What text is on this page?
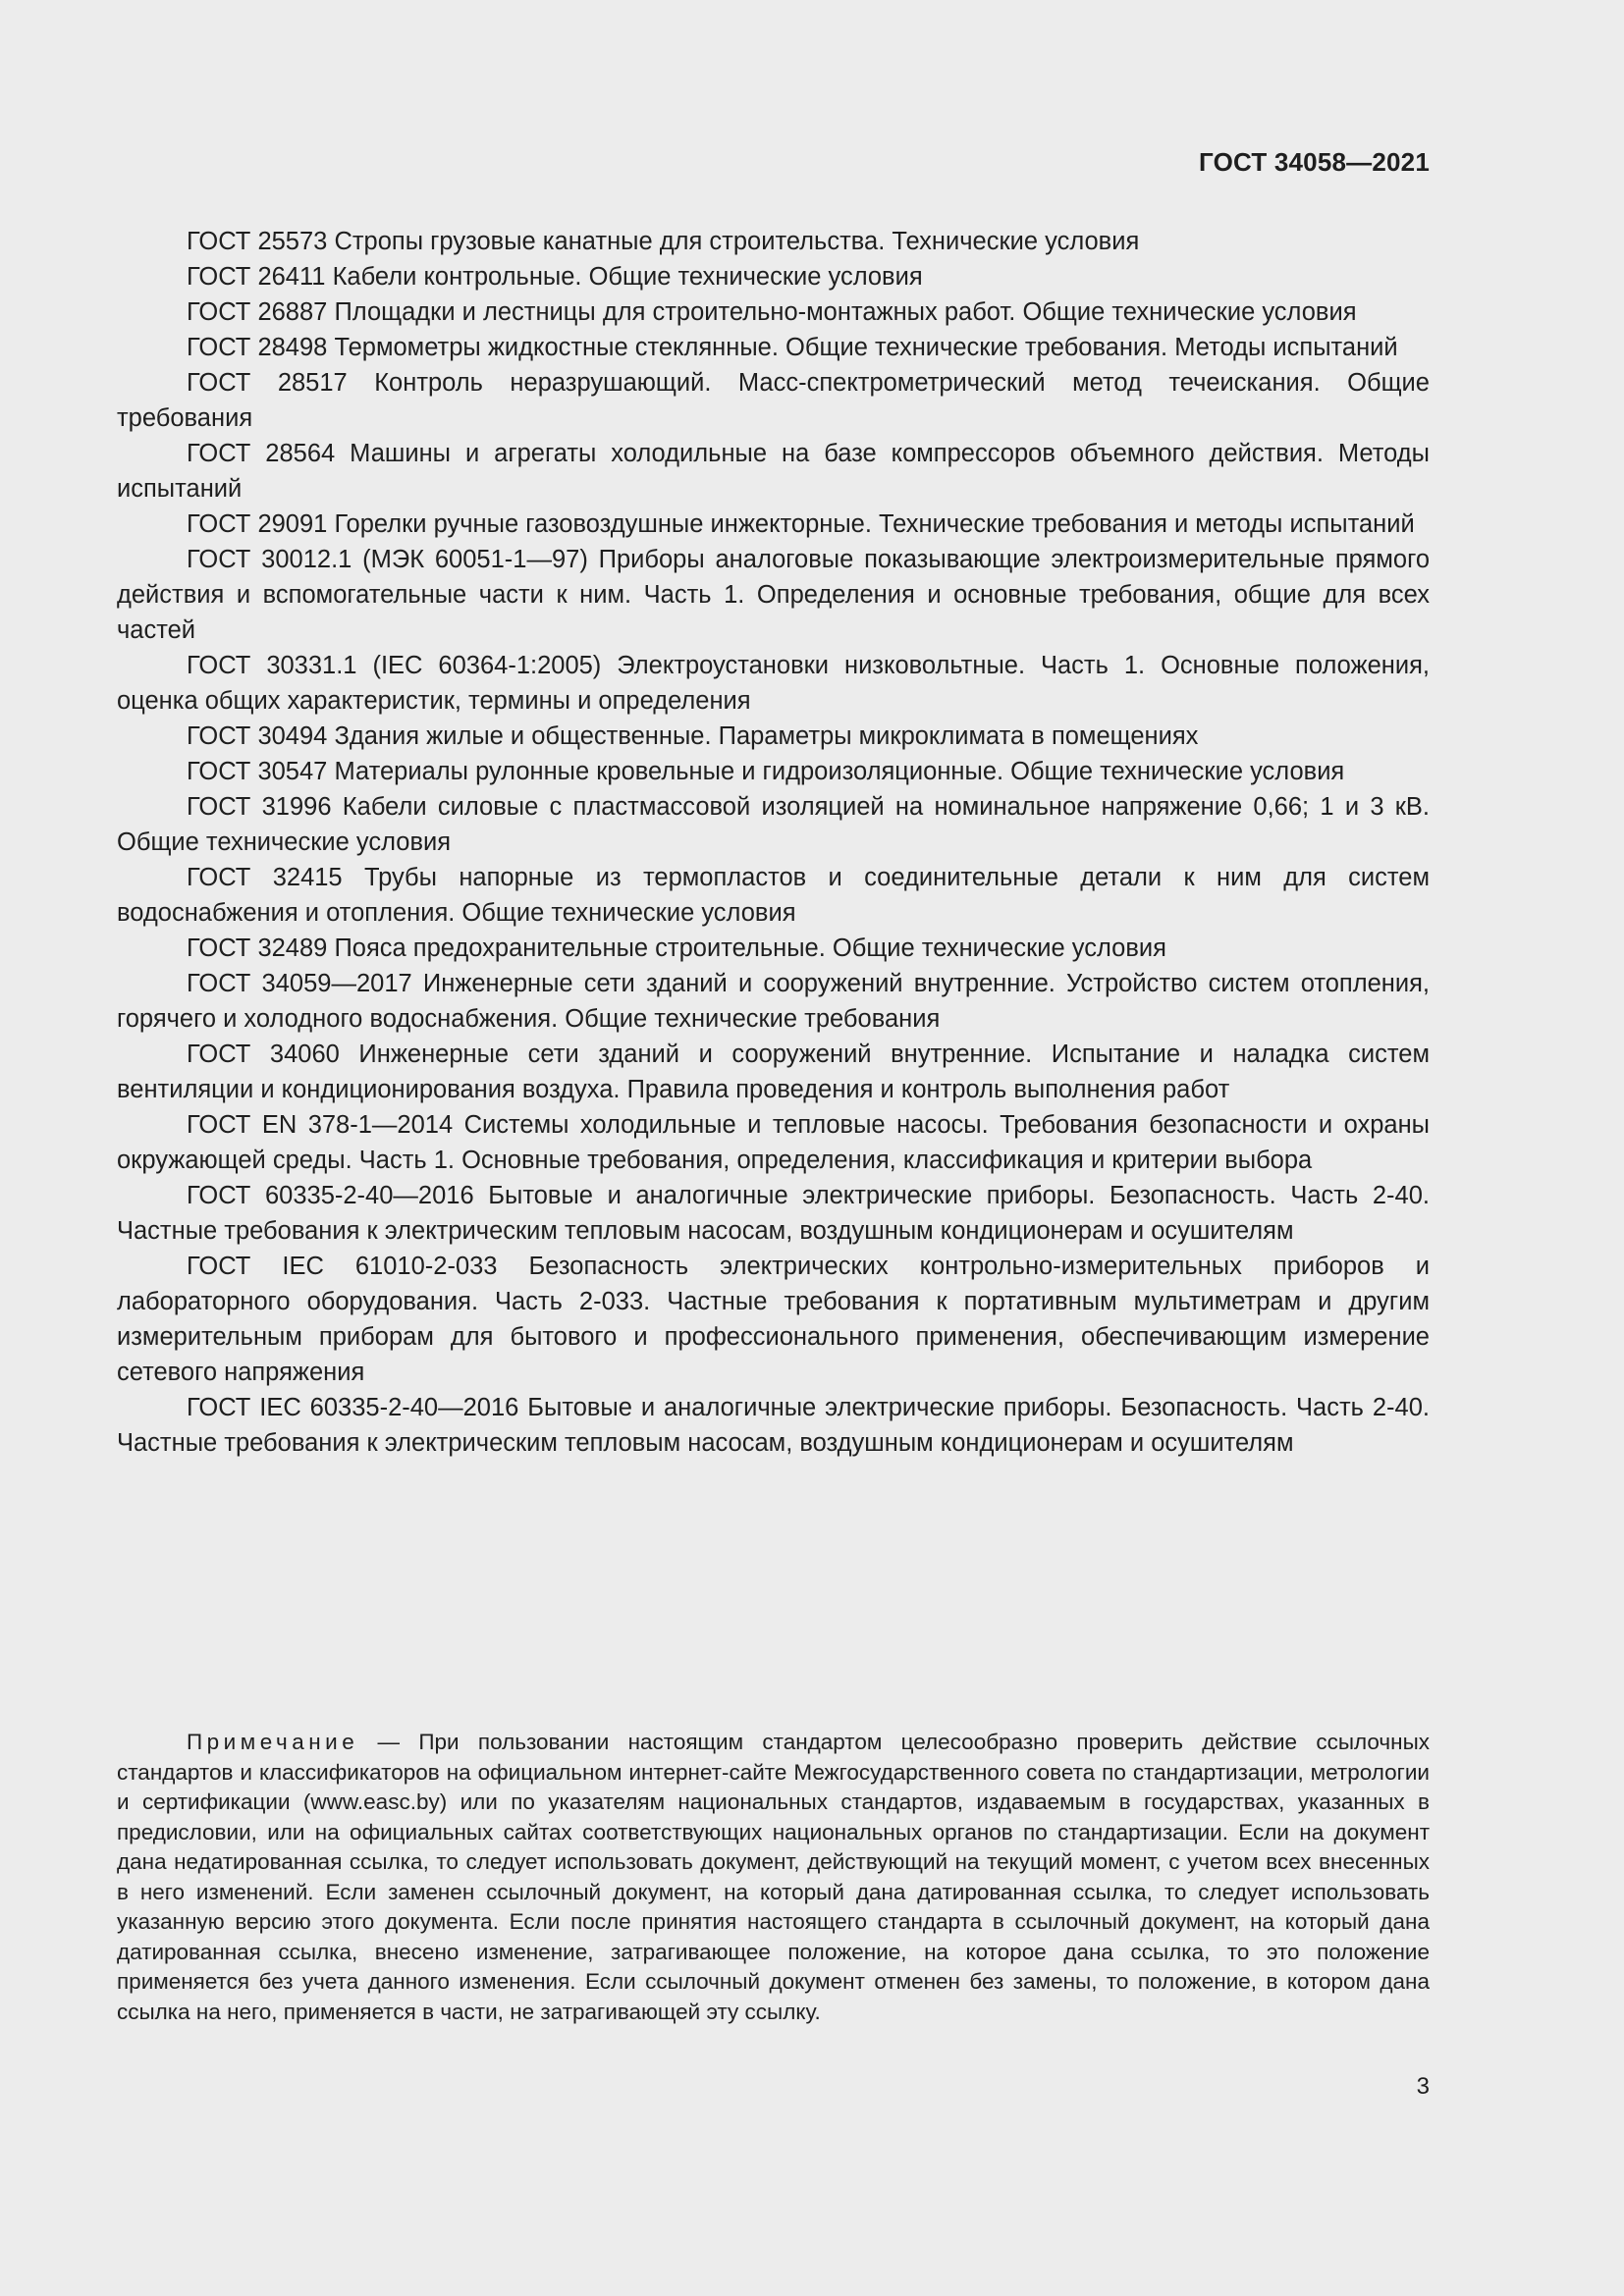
ГОСТ 34058—2021

ГОСТ 25573 Стропы грузовые канатные для строительства. Технические условия

ГОСТ 26411 Кабели контрольные. Общие технические условия

ГОСТ 26887 Площадки и лестницы для строительно-монтажных работ. Общие технические условия

ГОСТ 28498 Термометры жидкостные стеклянные. Общие технические требования. Методы испытаний

ГОСТ 28517 Контроль неразрушающий. Масс-спектрометрический метод течеискания. Общие требования

ГОСТ 28564 Машины и агрегаты холодильные на базе компрессоров объемного действия. Методы испытаний

ГОСТ 29091 Горелки ручные газовоздушные инжекторные. Технические требования и методы испытаний

ГОСТ 30012.1 (МЭК 60051-1—97) Приборы аналоговые показывающие электроизмерительные прямого действия и вспомогательные части к ним. Часть 1. Определения и основные требования, общие для всех частей

ГОСТ 30331.1 (IEC 60364-1:2005) Электроустановки низковольтные. Часть 1. Основные положения, оценка общих характеристик, термины и определения

ГОСТ 30494 Здания жилые и общественные. Параметры микроклимата в помещениях

ГОСТ 30547 Материалы рулонные кровельные и гидроизоляционные. Общие технические условия

ГОСТ 31996 Кабели силовые с пластмассовой изоляцией на номинальное напряжение 0,66; 1 и 3 кВ. Общие технические условия

ГОСТ 32415 Трубы напорные из термопластов и соединительные детали к ним для систем водоснабжения и отопления. Общие технические условия

ГОСТ 32489 Пояса предохранительные строительные. Общие технические условия

ГОСТ 34059—2017 Инженерные сети зданий и сооружений внутренние. Устройство систем отопления, горячего и холодного водоснабжения. Общие технические требования

ГОСТ 34060 Инженерные сети зданий и сооружений внутренние. Испытание и наладка систем вентиляции и кондиционирования воздуха. Правила проведения и контроль выполнения работ

ГОСТ EN 378-1—2014 Системы холодильные и тепловые насосы. Требования безопасности и охраны окружающей среды. Часть 1. Основные требования, определения, классификация и критерии выбора

ГОСТ 60335-2-40—2016 Бытовые и аналогичные электрические приборы. Безопасность. Часть 2-40. Частные требования к электрическим тепловым насосам, воздушным кондиционерам и осушителям

ГОСТ IEC 61010-2-033 Безопасность электрических контрольно-измерительных приборов и лабораторного оборудования. Часть 2-033. Частные требования к портативным мультиметрам и другим измерительным приборам для бытового и профессионального применения, обеспечивающим измерение сетевого напряжения

ГОСТ IEC 60335-2-40—2016 Бытовые и аналогичные электрические приборы. Безопасность. Часть 2-40. Частные требования к электрическим тепловым насосам, воздушным кондиционерам и осушителям

Примечание — При пользовании настоящим стандартом целесообразно проверить действие ссылочных стандартов и классификаторов на официальном интернет-сайте Межгосударственного совета по стандартизации, метрологии и сертификации (www.easc.by) или по указателям национальных стандартов, издаваемым в государствах, указанных в предисловии, или на официальных сайтах соответствующих национальных органов по стандартизации. Если на документ дана недатированная ссылка, то следует использовать документ, действующий на текущий момент, с учетом всех внесенных в него изменений. Если заменен ссылочный документ, на который дана датированная ссылка, то следует использовать указанную версию этого документа. Если после принятия настоящего стандарта в ссылочный документ, на который дана датированная ссылка, внесено изменение, затрагивающее положение, на которое дана ссылка, то это положение применяется без учета данного изменения. Если ссылочный документ отменен без замены, то положение, в котором дана ссылка на него, применяется в части, не затрагивающей эту ссылку.

3
